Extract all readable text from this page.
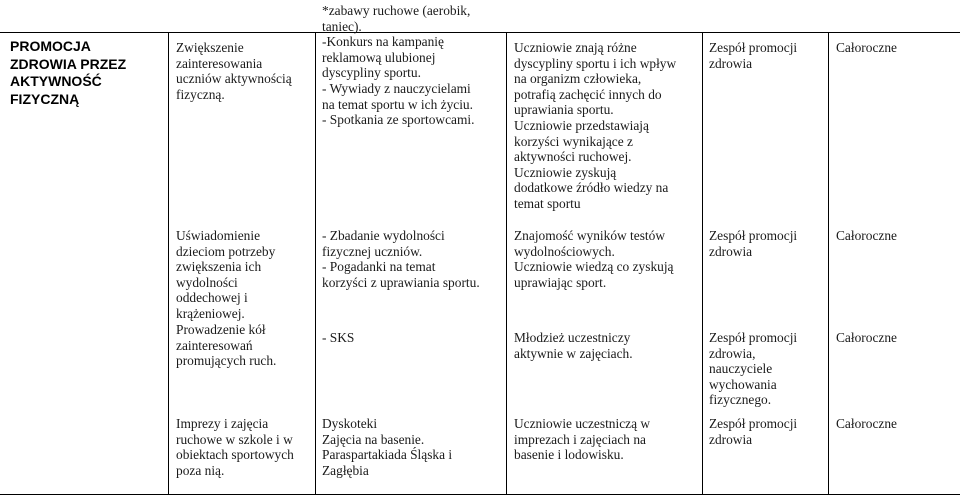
PROMOCJA
ZDROWIA PRZEZ
AKTYWNOŚĆ
FIZYCZNĄ
Zwiększenie
zainteresowania
uczniów aktywnością
fizyczną.
Uświadomienie
dzieciom potrzeby
zwiększenia ich
wydolności
oddechowej i
krążeniowej.
Prowadzenie kół
zainteresowań
promujących ruch.
Imprezy i zajęcia
ruchowe w szkole i w
obiektach sportowych
poza nią.
*zabawy ruchowe (aerobik,
taniec).
-Konkurs na kampanię
reklamową ulubionej
dyscypliny sportu.
- Wywiady z nauczycielami
na temat sportu w ich życiu.
- Spotkania ze sportowcami.
- Zbadanie wydolności
fizycznej uczniów.
- Pogadanki na temat
korzyści z uprawiania sportu.
- SKS
Dyskoteki
Zajęcia na basenie.
Paraspartakiada Śląska i
Zagłębia
Uczniowie znają różne
dyscypliny sportu i ich wpływ
na organizm człowieka,
potrafią zachęcić innych do
uprawiania sportu.
Uczniowie przedstawiają
korzyści wynikające z
aktywności ruchowej.
Uczniowie zyskują
dodatkowe źródło wiedzy na
temat sportu
Znajomość wyników testów
wydolnościowych.
Uczniowie wiedzą co zyskują
uprawiając sport.
Młodzież uczestniczy
aktywnie w zajęciach.
Uczniowie uczestniczą w
imprezach i zajęciach na
basenie i lodowisku.
Zespół promocji
zdrowia
Zespół promocji
zdrowia
Zespół promocji
zdrowia,
nauczyciele
wychowania
fizycznego.
Zespół promocji
zdrowia
Całoroczne
Całoroczne
Całoroczne
Całoroczne
